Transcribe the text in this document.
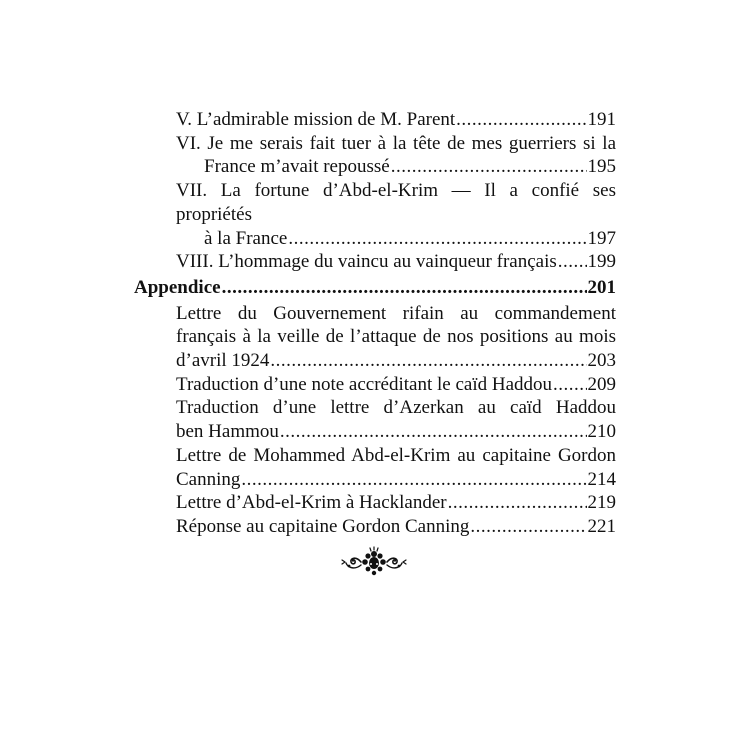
V. L’admirable mission de M. Parent .....	191
VI. Je me serais fait tuer à la tête de mes guerriers si la
France m’avait repoussé .....	195
VII. La fortune d’Abd-el-Krim — Il a confié ses propriétés
à la France .....	197
VIII. L’hommage du vaincu au vainqueur français ..... 199
Appendice .....	201
Lettre du Gouvernement rifain au commandement
français à la veille de l’attaque de nos positions au mois
d’avril 1924 .....	203
Traduction d’une note accréditant le caïd Haddou ..... 209
Traduction d’une lettre d’Azerkan au caïd Haddou
ben Hammou .....	210
Lettre de Mohammed Abd-el-Krim au capitaine Gordon
Canning .....	214
Lettre d’Abd-el-Krim à Hacklander .....	219
Réponse au capitaine Gordon Canning .....	221
